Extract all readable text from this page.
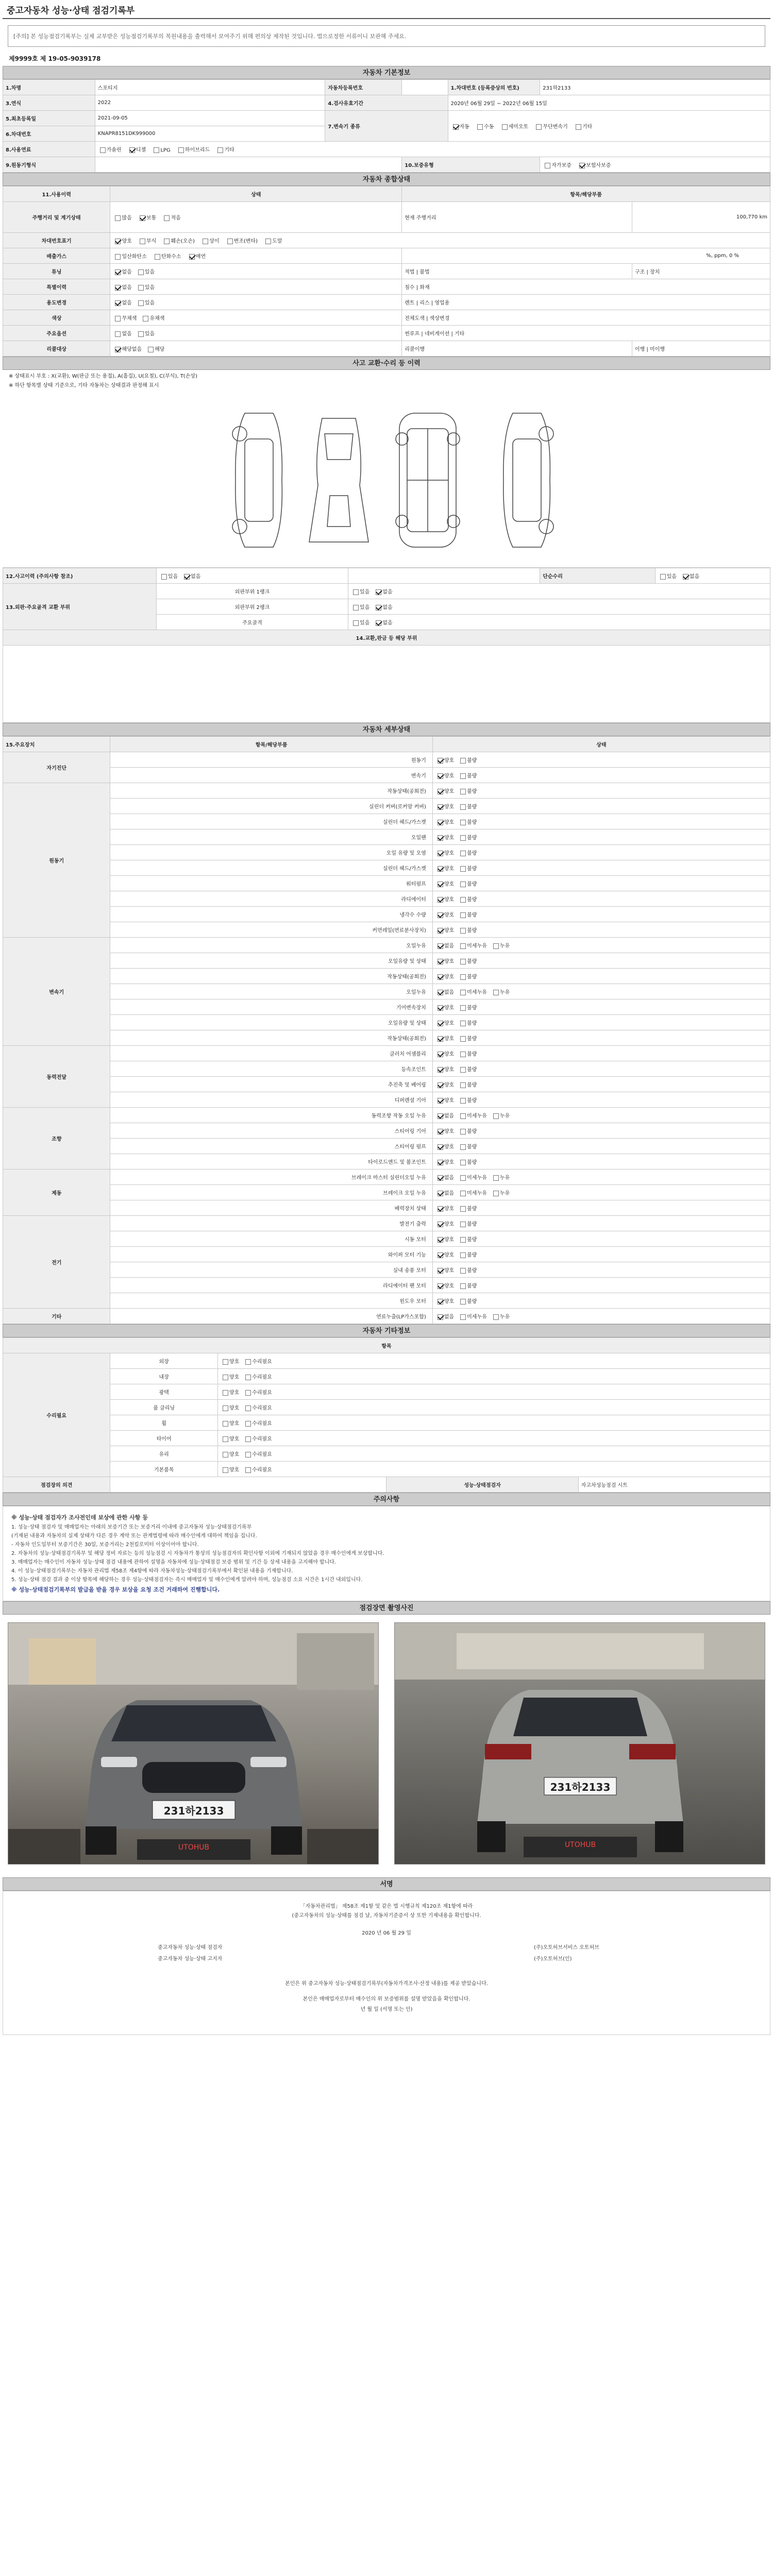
중고자동차 성능·상태 점검기록부
[주의] 본 성능점검기록부는 실제 교부받은 성능점검기록부의 복원내용을 출력해서 보여주기 위해 편의상 제작된 것입니다. 법으로정한 서류이니 보관해 주세요.
제9999호 제 19-05-9039178
자동차 기본정보
1.차명	스포티지	자동차등록번호		1.차대번호 (등록증상의 번호)	231하2133
3.연식	2022	4.검사유효기간		2020년 06월 29일 ~ 2022년 06월 15일	
5.최초등록일	2021-09-05	7.변속기 종류		자동 수동 세미오토 무단변속기 기타	
6.차대번호	KNAPR8151DK999000				
8.사용연료	가솔린 디젤 LPG 하이브리드 기타				
9.원동기형식			10.보증유형		자가보증 보험사보증
자동차 종합상태
11.사용이력	상태	항목/해당부품	
주행거리 및 계기상태	많음 보통 적음	현재 주행거리	100,770 km
차대번호표기	양호 부식 훼손(오손) 상이 변조(변타) 도말		
배출가스	일산화탄소 탄화수소 매연	%, ppm, 0 %	
튜닝	없음 있음	적법 | 불법	구조 | 장치
특별이력	없음 있음	침수 | 화재	
용도변경	없음 있음	렌트 | 리스 | 영업용	
색상	무채색 유채색	전체도색 | 색상변경	
주요옵션	없음 있음	썬루프 | 네비게이션 | 기타	
리콜대상	해당없음 해당	리콜이행	이행 | 미이행
사고 교환·수리 등 이력
※ 상태표시 부호 : X(교환), W(판금 또는 용접), A(흠집), U(요철), C(부식), T(손상)
※ 하단 항목별 상태 기준으로, 기타 자동차는 상태결과 판정해 표시
12.사고이력 (주의사항 참조)	있음 없음		단순수리	있음 없음
13.외판·주요골격 교환 부위	외판부위 1랭크	있음 없음		
	외판부위 2랭크	있음 없음		
	주요골격	있음 없음		
14.교환,판금 등 해당 부위				

자동차 세부상태
15.주요장치	항목/해당부품	상태
자기진단	원동기	양호 불량
	변속기	양호 불량
원동기	작동상태(공회전)	양호 불량
	실린더 커버(로커암 커버)	양호 불량
	실린더 헤드/가스켓	양호 불량
	오일팬	양호 불량
	오일 유량 및 오염	양호 불량
	실린더 헤드/가스켓	양호 불량
	워터펌프	양호 불량
	라디에이터	양호 불량
	냉각수 수량	양호 불량
	커먼레일(연료분사장치)	양호 불량
변속기	오일누유	없음 미세누유 누유
	오일유량 및 상태	양호 불량
	작동상태(공회전)	양호 불량
	오일누유	없음 미세누유 누유
	기어변속장치	양호 불량
	오일유량 및 상태	양호 불량
	작동상태(공회전)	양호 불량
동력전달	클러치 어셈블리	양호 불량
	등속조인트	양호 불량
	추진축 및 베어링	양호 불량
	디퍼렌셜 기어	양호 불량
조향	동력조향 작동 오일 누유	없음 미세누유 누유
	스티어링 기어	양호 불량
	스티어링 펌프	양호 불량
	타이로드엔드 및 볼조인트	양호 불량
제동	브레이크 마스터 실린더오일 누유	없음 미세누유 누유
	브레이크 오일 누유	없음 미세누유 누유
	배력장치 상태	양호 불량
전기	발전기 출력	양호 불량
	시동 모터	양호 불량
	와이퍼 모터 기능	양호 불량
	실내 송풍 모터	양호 불량
	라디에이터 팬 모터	양호 불량
	윈도우 모터	양호 불량
기타	연료누출(LP가스포함)	없음 미세누유 누유
자동차 기타정보
항목				
수리필요	외장	양호 수리필요		
	내장	양호 수리필요		
	광택	양호 수리필요		
	룸 클리닝	양호 수리필요		
	휠	양호 수리필요		
	타이어	양호 수리필요		
	유리	양호 수리필요		
	기본품목	양호 수리필요		
점검장의 의견			성능·상태점검자	자고차성능점검 시트
주의사항
※ 성능·상태 점검자가 조사전인데 보상에 관한 사항 등

1. 성능·상태 점검자 및 매매업자는 아래의 보증기간 또는 보증거리 이내에 중고자동차 성능·상태점검기록부

(기재된 내용과 자동차의 실제 상태가 다른 경우 계약 또는 관계법령에 따라 매수인에게 대하여 책임을 집니다.

- 자동차 인도일부터 보증기간은 30일, 보증거리는 2천킬로미터 이상이어야 합니다.

2. 자동차의 성능·상태점검기록부 및 해당 정비 자료는 등의 성능점검 시 자동차가 통상의 성능점검자의 확인사항 이외에 기재되지 않았을 경우 매수인에게 보상합니다.

3. 매매업자는 매수인이 자동차 성능·상태 점검 내용에 관하여 설명을 자동차에 성능·상태점검 보증 범위 및 기간 등 상세 내용을 고지해야 합니다.

4. 이 성능·상태점검기록부는 자동차 관리법 제58조 제4항에 따라 자동차성능·상태점검기록부에서 확인된 내용을 기재합니다.

5. 성능·상태 점검 결과 중 이상 항목에 해당하는 경우 성능·상태점검자는 즉시 매매업자 및 매수인에게 알려야 하며, 성능점검 소요 시간은 1시간 내외입니다.

※ 성능·상태점검기록부의 발급을 받을 경우 보상을 요청 조건 거래하여 진행합니다.
점검장면 촬영사진
231하2133
UTOHUB
231하2133
UTOHUB
서명
「자동차관리법」 제58조 제1항 및 같은 법 시행규칙 제120조 제1항에 따라
(중고자동차의 성능·상태를 점검 날, 자동차기준증서 상 또한 기재내용을 확인합니다.
2020 년 06 월 29 일
중고자동차 성능·상태 점검자	(주)오토허브서비스 오토허브
중고자동차 성능·상태 고지자	(주)오토허브(인)
본인은 위 중고자동차 성능·상태점검기록부(자동차가격조사·산정 내용)를 제공 받았습니다.
본인은 매매업자로부터 매수인의 위 보증범위를 설명 받았음을 확인합니다.
년 월 일 (서명 또는 인)
